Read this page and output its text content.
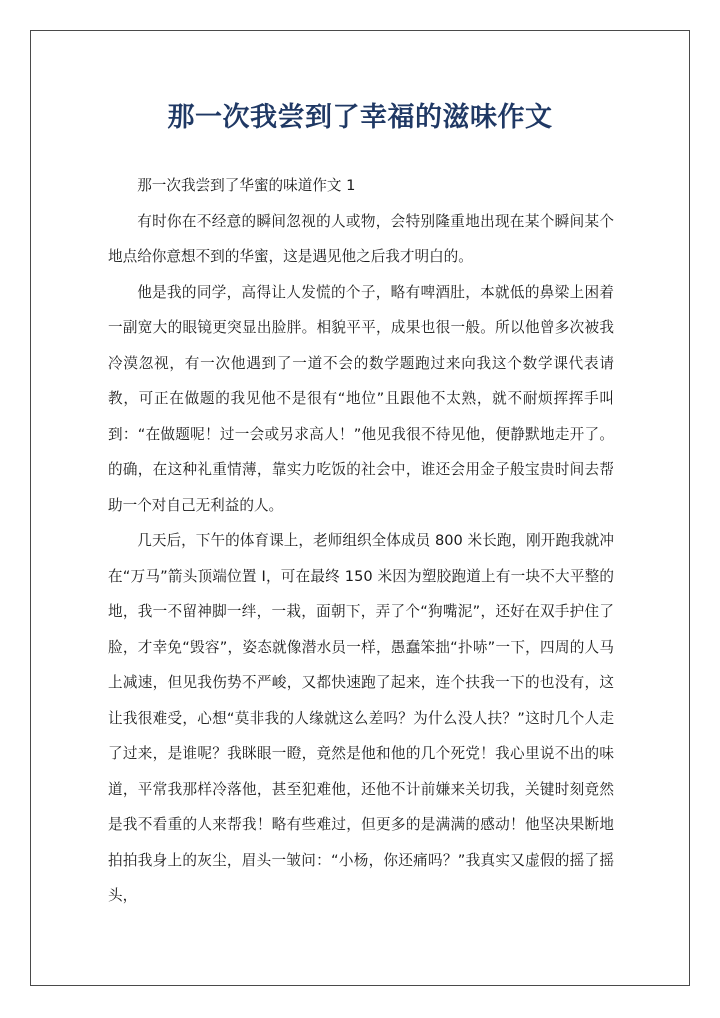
那一次我尝到了幸福的滋味作文

那一次我尝到了华蜜的味道作文 1

有时你在不经意的瞬间忽视的人或物，会特别隆重地出现在某个瞬间某个地点给你意想不到的华蜜，这是遇见他之后我才明白的。

他是我的同学，高得让人发慌的个子，略有啤酒肚，本就低的鼻梁上困着一副宽大的眼镜更突显出脸胖。相貌平平，成果也很一般。所以他曾多次被我冷漠忽视，有一次他遇到了一道不会的数学题跑过来向我这个数学课代表请教，可正在做题的我见他不是很有“地位”且跟他不太熟，就不耐烦挥挥手叫到：“在做题呢！过一会或另求高人！”他见我很不待见他，便静默地走开了。的确，在这种礼重情薄，靠实力吃饭的社会中，谁还会用金子般宝贵时间去帮助一个对自己无利益的人。

几天后，下午的体育课上，老师组织全体成员 800 米长跑，刚开跑我就冲在“万马”箭头顶端位置 I，可在最终 150 米因为塑胶跑道上有一块不大平整的地，我一不留神脚一绊，一栽，面朝下，弄了个“狗嘴泥”，还好在双手护住了脸，才幸免“毁容”，姿态就像潜水员一样，愚蠢笨拙“扑哧”一下，四周的人马上减速，但见我伤势不严峻，又都快速跑了起来，连个扶我一下的也没有，这让我很难受，心想“莫非我的人缘就这么差吗？为什么没人扶？”这时几个人走了过来，是谁呢？我眯眼一瞪，竟然是他和他的几个死党！我心里说不出的味道，平常我那样冷落他，甚至犯难他，还他不计前嫌来关切我，关键时刻竟然是我不看重的人来帮我！略有些难过，但更多的是满满的感动！他坚决果断地拍拍我身上的灰尘，眉头一皱问：“小杨，你还痛吗？”我真实又虚假的摇了摇头，
